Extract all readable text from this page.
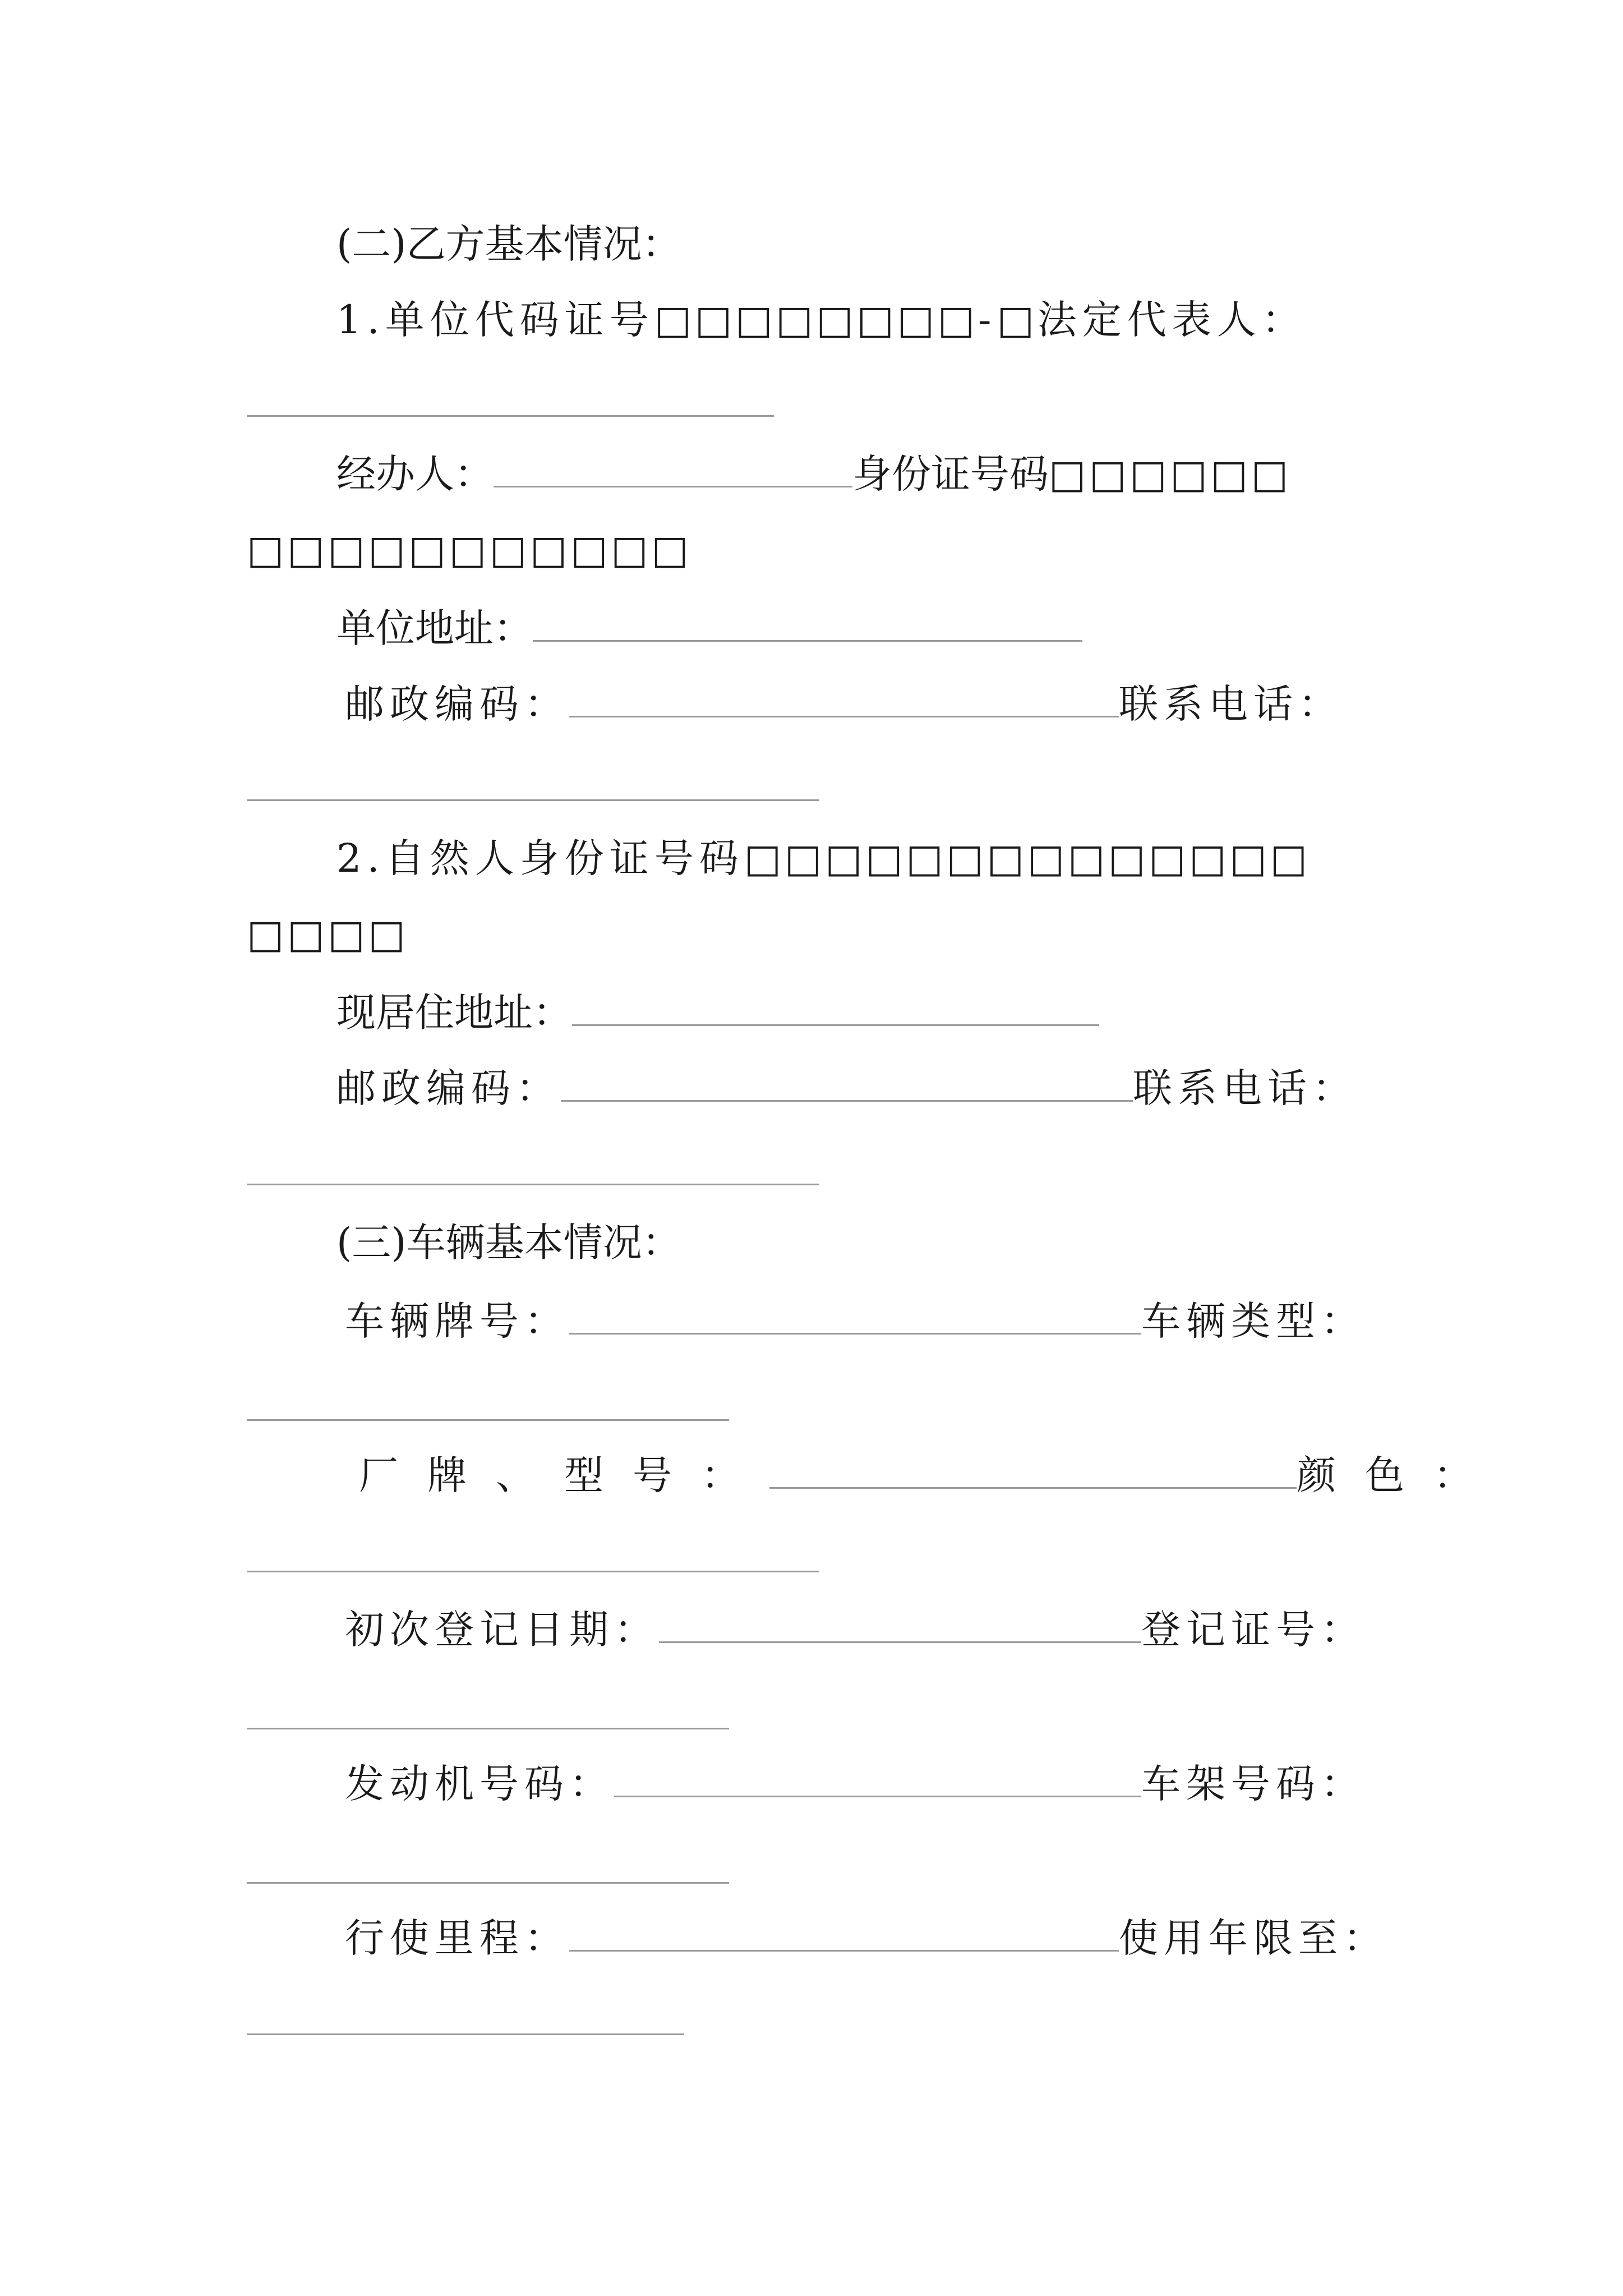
(二)乙方基本情况：
1.单位代码证号□□□□□□□□-□法定代表人：
经办人：	身份证号码□□□□□□
□□□□□□□□□□□
单位地址：
邮政编码：	联系电话：
2.自然人身份证号码□□□□□□□□□□□□□□
□□□□
现居住地址：
邮政编码：	联系电话：
(三)车辆基本情况：
车辆牌号：	车辆类型：
厂牌、型号：	颜色：
初次登记日期：	登记证号：
发动机号码：	车架号码：
行使里程：	使用年限至：
